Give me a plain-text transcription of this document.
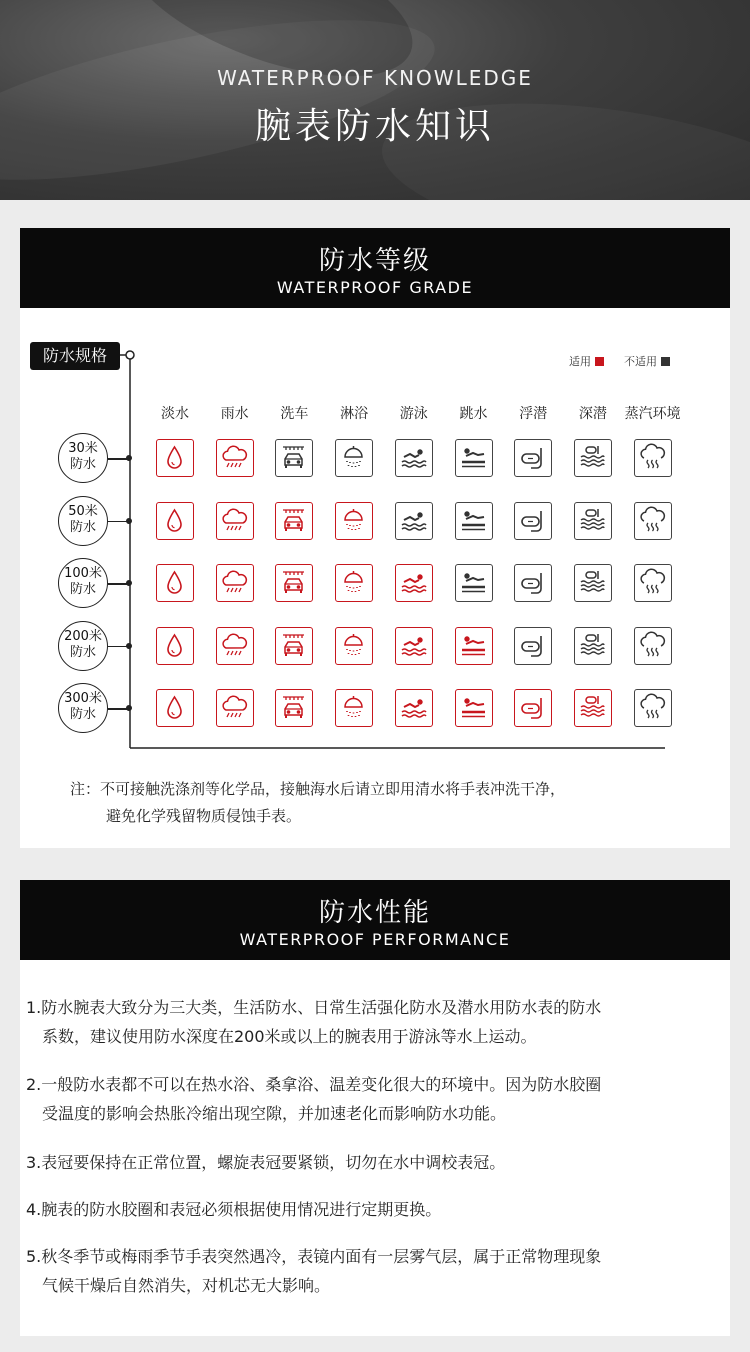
WATERPROOF KNOWLEDGE
腕表防水知识
防水等级
WATERPROOF GRADE
防水规格	适用	不适用
淡水	雨水	洗车	淋浴	游泳	跳水	浮潜	深潜	蒸汽环境
30米
防水
50米
防水
100米
防水
200米
防水
300米
防水
注：不可接触洗涤剂等化学品，接触海水后请立即用清水将手表冲洗干净，
避免化学残留物质侵蚀手表。
防水性能
WATERPROOF PERFORMANCE
1.防水腕表大致分为三大类，生活防水、日常生活强化防水及潜水用防水表的防水
系数，建议使用防水深度在200米或以上的腕表用于游泳等水上运动。
2.一般防水表都不可以在热水浴、桑拿浴、温差变化很大的环境中。因为防水胶圈
受温度的影响会热胀冷缩出现空隙，并加速老化而影响防水功能。
3.表冠要保持在正常位置，螺旋表冠要紧锁，切勿在水中调校表冠。
4.腕表的防水胶圈和表冠必须根据使用情况进行定期更换。
5.秋冬季节或梅雨季节手表突然遇冷，表镜内面有一层雾气层，属于正常物理现象
气候干燥后自然消失，对机芯无大影响。
